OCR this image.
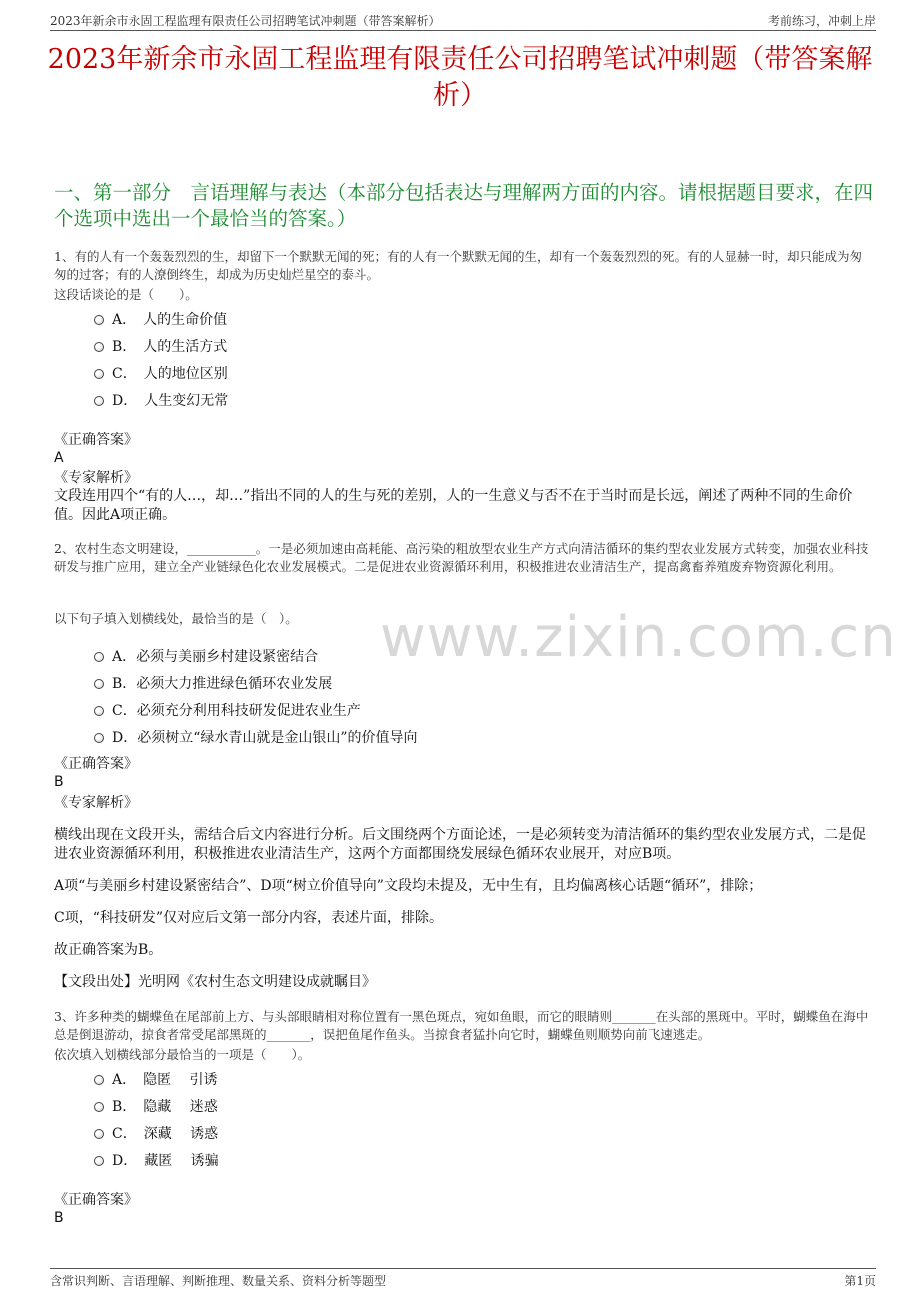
2023年新余市永固工程监理有限责任公司招聘笔试冲刺题（带答案解析）	考前练习，冲刺上岸
2023年新余市永固工程监理有限责任公司招聘笔试冲刺题（带答案解析）
一、第一部分　言语理解与表达（本部分包括表达与理解两方面的内容。请根据题目要求，在四个选项中选出一个最恰当的答案。）

1、有的人有一个轰轰烈烈的生，却留下一个默默无闻的死；有的人有一个默默无闻的生，却有一个轰轰烈烈的死。有的人显赫一时，却只能成为匆匆的过客；有的人潦倒终生，却成为历史灿烂星空的泰斗。

这段话谈论的是（　　）。

A．　人的生命价值
B．　人的生活方式
C．　人的地位区别
D．　人生变幻无常

《正确答案》

A

《专家解析》

文段连用四个“有的人…，却…”指出不同的人的生与死的差别，人的一生意义与否不在于当时而是长远，阐述了两种不同的生命价值。因此A项正确。

2、农村生态文明建设，___________。一是必须加速由高耗能、高污染的粗放型农业生产方式向清洁循环的集约型农业发展方式转变，加强农业科技研发与推广应用，建立全产业链绿色化农业发展模式。二是促进农业资源循环利用，积极推进农业清洁生产，提高禽畜养殖废弃物资源化利用。

以下句子填入划横线处，最恰当的是（　）。

A．必须与美丽乡村建设紧密结合
B．必须大力推进绿色循环农业发展
C．必须充分利用科技研发促进农业生产
D．必须树立“绿水青山就是金山银山”的价值导向

《正确答案》

B

《专家解析》

横线出现在文段开头，需结合后文内容进行分析。后文围绕两个方面论述，一是必须转变为清洁循环的集约型农业发展方式，二是促进农业资源循环利用，积极推进农业清洁生产，这两个方面都围绕发展绿色循环农业展开，对应B项。

A项“与美丽乡村建设紧密结合”、D项“树立价值导向”文段均未提及，无中生有，且均偏离核心话题“循环”，排除；

C项，“科技研发”仅对应后文第一部分内容，表述片面，排除。

故正确答案为B。

【文段出处】光明网《农村生态文明建设成就瞩目》

www.zixin.com.cn

3、许多种类的蝴蝶鱼在尾部前上方、与头部眼睛相对称位置有一黑色斑点，宛如鱼眼，而它的眼睛则_______在头部的黑斑中。平时，蝴蝶鱼在海中总是倒退游动，掠食者常受尾部黑斑的_______，误把鱼尾作鱼头。当掠食者猛扑向它时，蝴蝶鱼则顺势向前飞速逃走。

依次填入划横线部分最恰当的一项是（　　）。

A．　隐匿　 引诱
B．　隐藏　 迷惑
C．　深藏　 诱惑
D．　藏匿　 诱骗

《正确答案》

B
含常识判断、言语理解、判断推理、数量关系、资料分析等题型	第1页
